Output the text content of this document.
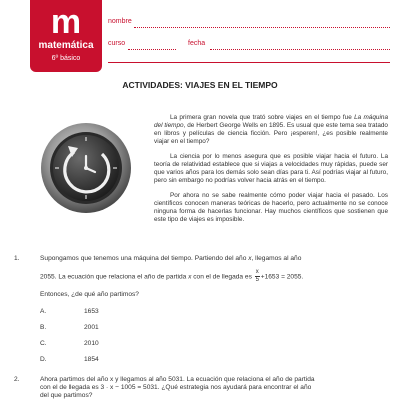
m
matemática
6º básico
nombre
curso	fecha
ACTIVIDADES: VIAJES EN EL TIEMPO

La primera gran novela que trató sobre viajes en el tiempo fue La máquina del tiempo, de Herbert George Wells en 1895. Es usual que este tema sea tratado en libros y películas de ciencia ficción. Pero ¡esperen!, ¿es posible realmente viajar en el tiempo?

La ciencia por lo menos asegura que es posible viajar hacia el futuro. La teoría de relatividad establece que si viajas a velocidades muy rápidas, puede ser que varios años para los demás solo sean días para ti. Así podrías viajar al futuro, pero sin embargo no podrías volver hacia atrás en el tiempo.

Por ahora no se sabe realmente cómo poder viajar hacia el pasado. Los científicos conocen maneras teóricas de hacerlo, pero actualmente no se conoce ninguna forma de hacerlas funcionar. Hay muchos científicos que sostienen que este tipo de viajes es imposible.

1.	Supongamos que tenemos una máquina del tiempo. Partiendo del año x, llegamos al año

2055. La ecuación que relaciona el año de partida x con el de llegada es $\frac{x}{5} +1653 = 2055$.

Entonces, ¿de qué año partimos?

A.	1653
B.	2001
C.	2010
D.	1854
2.	Ahora partimos del año x y llegamos al año 5031. La ecuación que relaciona el año de partida
con el de llegada es 3 · x − 1005 = 5031. ¿Qué estrategia nos ayudará para encontrar el año
del que partimos?
